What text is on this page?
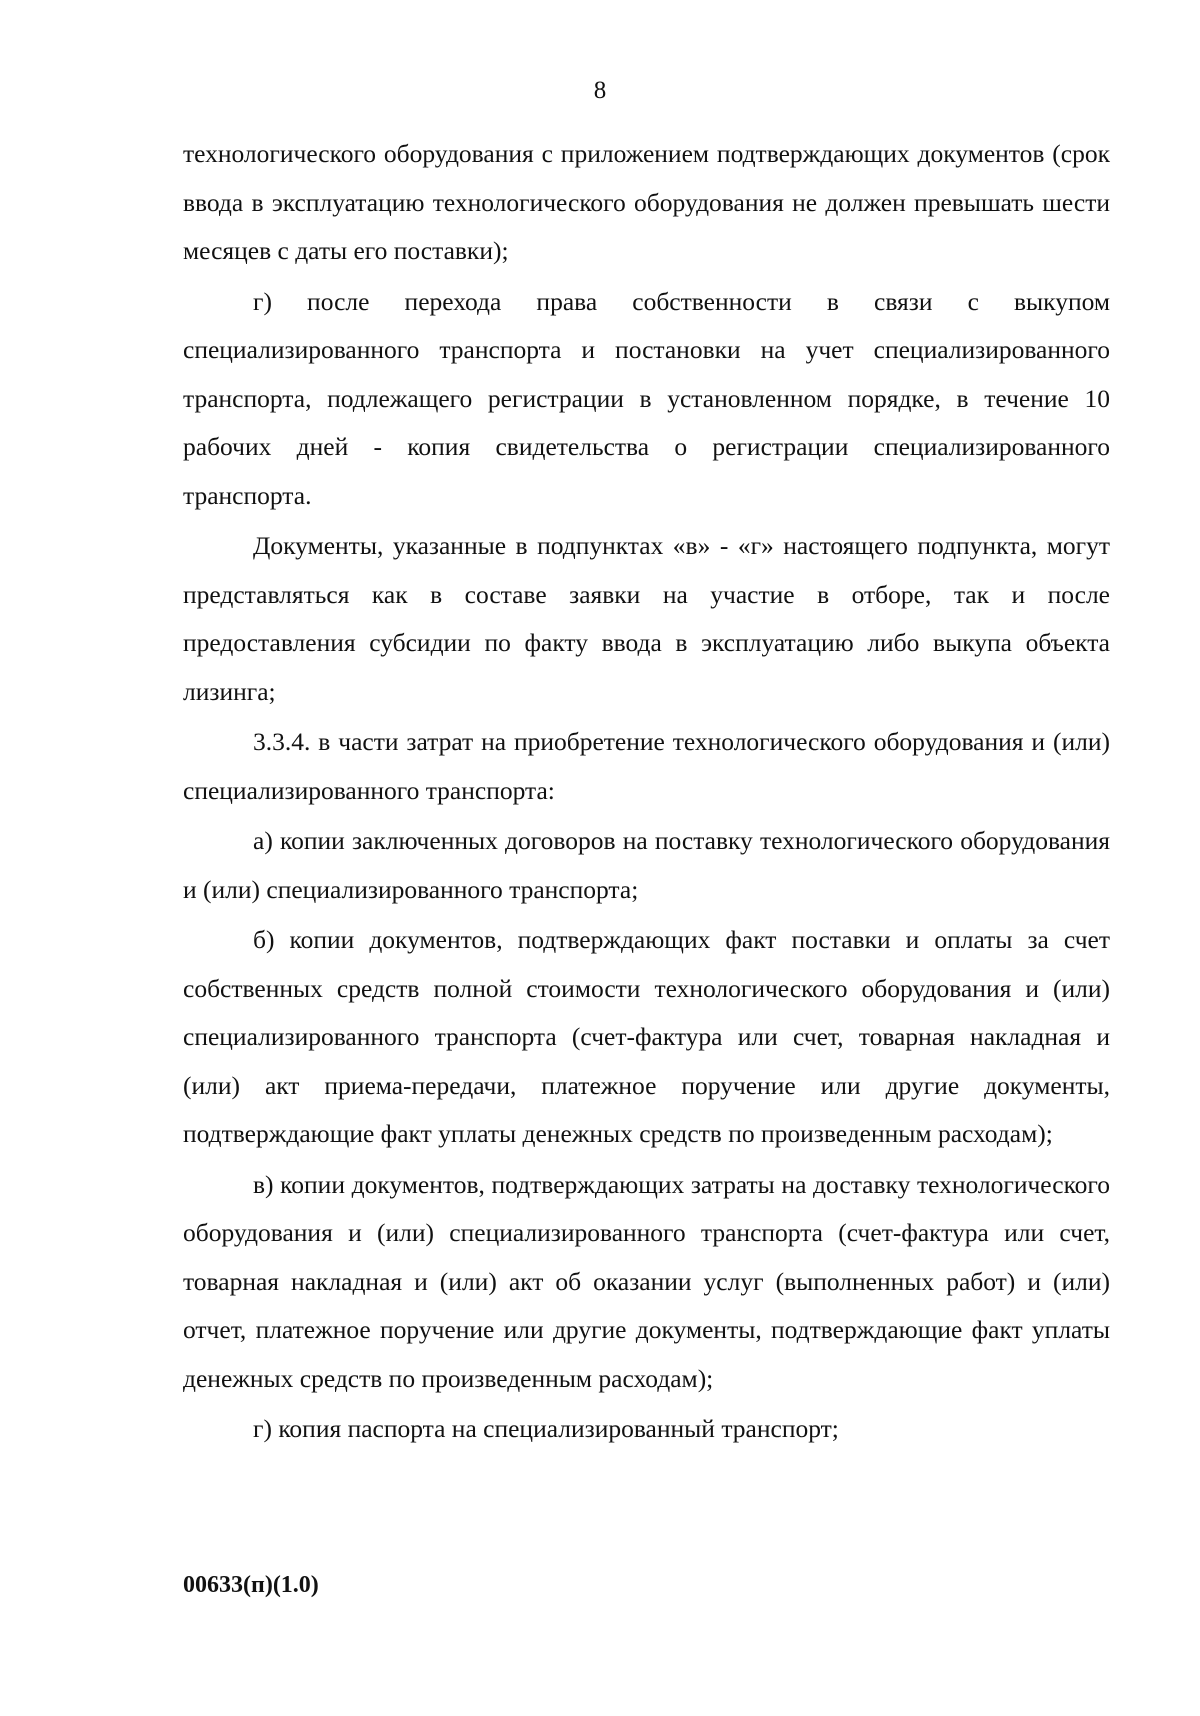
8

технологического оборудования с приложением подтверждающих документов (срок ввода в эксплуатацию технологического оборудования не должен превышать шести месяцев с даты его поставки);

г) после перехода права собственности в связи с выкупом специализированного транспорта и постановки на учет специализированного транспорта, подлежащего регистрации в установленном порядке, в течение 10 рабочих дней - копия свидетельства о регистрации специализированного транспорта.

Документы, указанные в подпунктах «в» - «г» настоящего подпункта, могут представляться как в составе заявки на участие в отборе, так и после предоставления субсидии по факту ввода в эксплуатацию либо выкупа объекта лизинга;

3.3.4. в части затрат на приобретение технологического оборудования и (или) специализированного транспорта:

а) копии заключенных договоров на поставку технологического оборудования и (или) специализированного транспорта;

б) копии документов, подтверждающих факт поставки и оплаты за счет собственных средств полной стоимости технологического оборудования и (или) специализированного транспорта (счет-фактура или счет, товарная накладная и (или) акт приема-передачи, платежное поручение или другие документы, подтверждающие факт уплаты денежных средств по произведенным расходам);

в) копии документов, подтверждающих затраты на доставку технологического оборудования и (или) специализированного транспорта (счет-фактура или счет, товарная накладная и (или) акт об оказании услуг (выполненных работ) и (или) отчет, платежное поручение или другие документы, подтверждающие факт уплаты денежных средств по произведенным расходам);

г) копия паспорта на специализированный транспорт;

00633(п)(1.0)
